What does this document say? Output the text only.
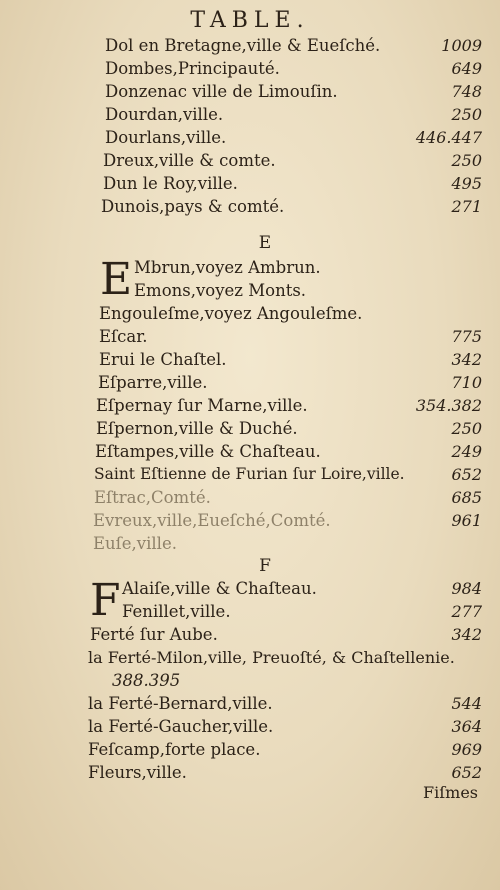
TABLE.
Dol en Bretagne,ville & Eueſché.	1009
Dombes,Principauté.	649
Donzenac ville de Limouſin.	748
Dourdan,ville.	250
Dourlans,ville.	446.447
Dreux,ville & comte.	250
Dun le Roy,ville.	495
Dunois,pays & comté.	271
E
E Mbrun,voyez Ambrun.
Emons,voyez Monts.
Engouleſme,voyez Angouleſme.
Eſcar.	775
Erui le Chaſtel.	342
Eſparre,ville.	710
Eſpernay ſur Marne,ville.	354.382
Eſpernon,ville & Duché.	250
Eſtampes,ville & Chaſteau.	249
Saint Eſtienne de Furian ſur Loire,ville.	652
Eſtrac,Comté.	685
Evreux,ville,Eueſché,Comté.	961
Euſe,ville.
F
F Alaiſe,ville & Chaſteau.	984
Fenillet,ville.	277
Ferté ſur Aube.	342
la Ferté-Milon,ville, Preuoſté, & Chaſtellenie.
388.395
la Ferté-Bernard,ville.	544
la Ferté-Gaucher,ville.	364
Feſcamp,forte place.	969
Fleurs,ville.	652
Fiſmes
